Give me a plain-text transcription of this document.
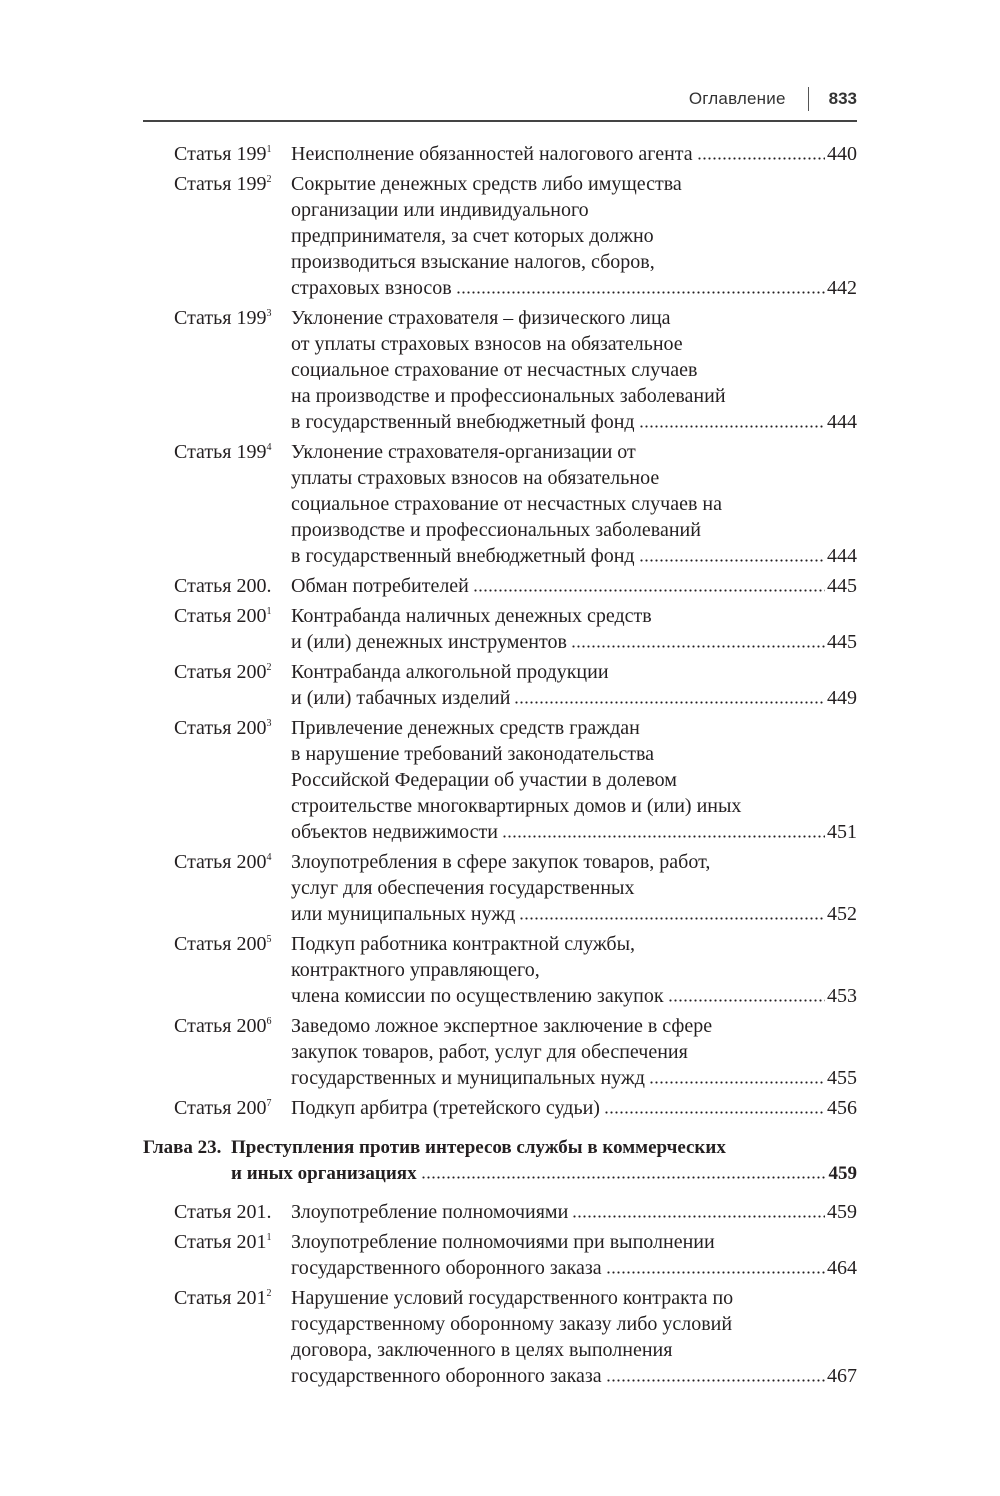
Оглавление	833
Статья $199^1$ Неисполнение обязанностей налогового агента	440
Статья $199^2$ Сокрытие денежных средств либо имущества
организации или индивидуального
предпринимателя, за счет которых должно
производиться взыскание налогов, сборов,
страховых взносов	442
Статья $199^3$ Уклонение страхователя – физического лица
от уплаты страховых взносов на обязательное
социальное страхование от несчастных случаев
на производстве и профессиональных заболеваний
в государственный внебюджетный фонд	444
Статья $199^4$ Уклонение страхователя-организации от
уплаты страховых взносов на обязательное
социальное страхование от несчастных случаев на
производстве и профессиональных заболеваний
в государственный внебюджетный фонд	444
Статья 200. Обман потребителей	445
Статья $200^1$ Контрабанда наличных денежных средств
и (или) денежных инструментов	445
Статья $200^2$ Контрабанда алкогольной продукции
и (или) табачных изделий	449
Статья $200^3$ Привлечение денежных средств граждан
в нарушение требований законодательства
Российской Федерации об участии в долевом
строительстве многоквартирных домов и (или) иных
объектов недвижимости	451
Статья $200^4$ Злоупотребления в сфере закупок товаров, работ,
услуг для обеспечения государственных
или муниципальных нужд	452
Статья $200^5$ Подкуп работника контрактной службы,
контрактного управляющего,
члена комиссии по осуществлению закупок	453
Статья $200^6$ Заведомо ложное экспертное заключение в сфере
закупок товаров, работ, услуг для обеспечения
государственных и муниципальных нужд	455
Статья $200^7$ Подкуп арбитра (третейского судьи)	456
Глава 23. Преступления против интересов службы в коммерческих
и иных организациях	459
Статья 201. Злоупотребление полномочиями	459
Статья $201^1$ Злоупотребление полномочиями при выполнении
государственного оборонного заказа	464
Статья $201^2$ Нарушение условий государственного контракта по
государственному оборонному заказу либо условий
договора, заключенного в целях выполнения
государственного оборонного заказа	467
